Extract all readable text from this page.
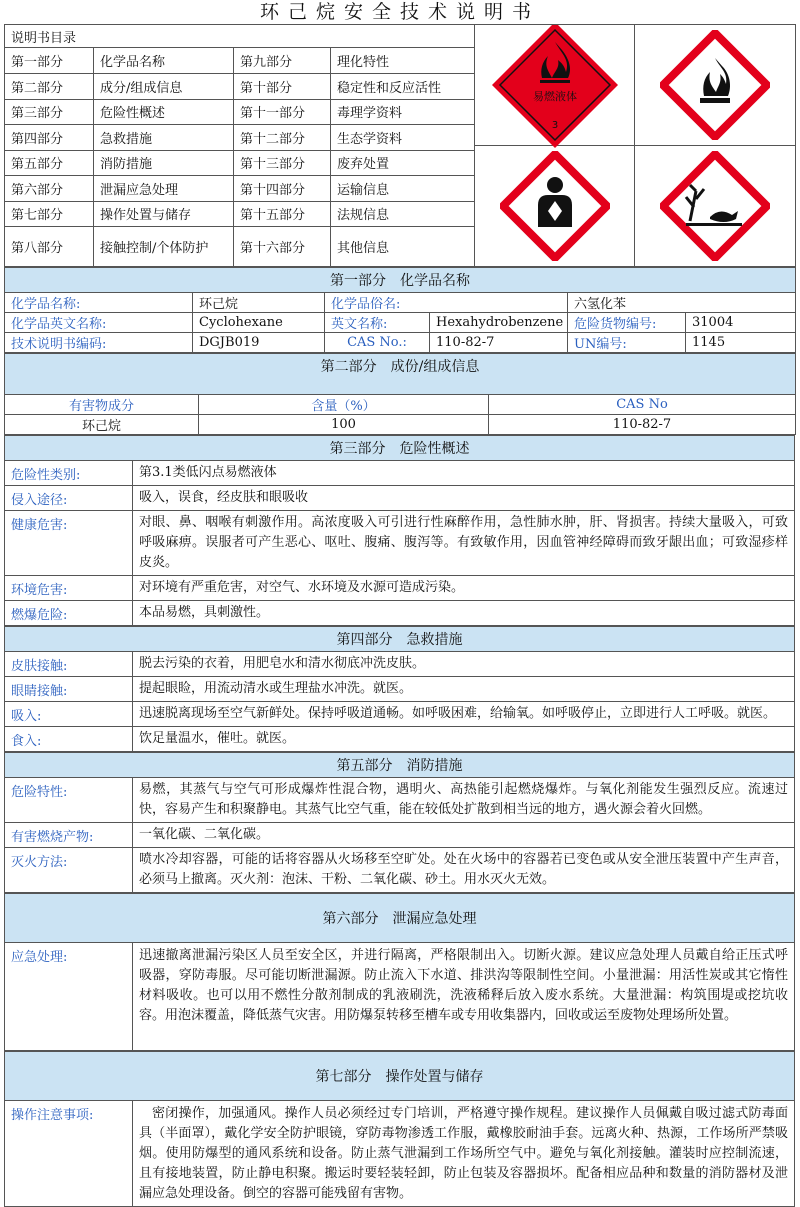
环己烷安全技术说明书
说明书目录				易燃液体
3

第一部分	化学品名称	第九部分	理化特性	
第二部分	成分/组成信息	第十部分	稳定性和反应活性	
第三部分	危险性概述	第十一部分	毒理学资料	
第四部分	急救措施	第十二部分	生态学资料	
第五部分	消防措施	第十三部分	废弃处置	
第六部分	泄漏应急处理	第十四部分	运输信息	
第七部分	操作处置与储存	第十五部分	法规信息	
第八部分	接触控制/个体防护	第十六部分	其他信息	
第一部分　化学品名称					
化学品名称:	环己烷	化学品俗名:		六氢化苯	
化学品英文名称:	Cyclohexane	英文名称:	Hexahydrobenzene	危险货物编号:	31004
技术说明书编码:	DGJB019	CAS No.:	110-82-7	UN编号:	1145
第二部分　成份/组成信息		
有害物成分	含量（%）	CAS No
环己烷	100	110-82-7
第三部分　危险性概述	
危险性类别:	第3.1类低闪点易燃液体
侵入途径:	吸入，误食，经皮肤和眼吸收
健康危害:	对眼、鼻、咽喉有刺激作用。高浓度吸入可引进行性麻醉作用，急性肺水肿，肝、肾损害。持续大量吸入，可致呼吸麻痹。误服者可产生恶心、呕吐、腹痛、腹泻等。有致敏作用，因血管神经障碍而致牙龈出血；可致湿疹样皮炎。
环境危害:	对环境有严重危害，对空气、水环境及水源可造成污染。
燃爆危险:	本品易燃，具刺激性。
第四部分　急救措施	
皮肤接触:	脱去污染的衣着，用肥皂水和清水彻底冲洗皮肤。
眼睛接触:	提起眼睑，用流动清水或生理盐水冲洗。就医。
吸入:	迅速脱离现场至空气新鲜处。保持呼吸道通畅。如呼吸困难，给输氧。如呼吸停止，立即进行人工呼吸。就医。
食入:	饮足量温水，催吐。就医。
第五部分　消防措施	
危险特性:	易燃，其蒸气与空气可形成爆炸性混合物，遇明火、高热能引起燃烧爆炸。与氧化剂能发生强烈反应。流速过快，容易产生和积聚静电。其蒸气比空气重，能在较低处扩散到相当远的地方，遇火源会着火回燃。
有害燃烧产物:	一氧化碳、二氧化碳。
灭火方法:	喷水冷却容器，可能的话将容器从火场移至空旷处。处在火场中的容器若已变色或从安全泄压装置中产生声音，必须马上撤离。灭火剂：泡沫、干粉、二氧化碳、砂土。用水灭火无效。
第六部分　泄漏应急处理
应急处理:	迅速撤离泄漏污染区人员至安全区，并进行隔离，严格限制出入。切断火源。建议应急处理人员戴自给正压式呼吸器，穿防毒服。尽可能切断泄漏源。防止流入下水道、排洪沟等限制性空间。小量泄漏：用活性炭或其它惰性材料吸收。也可以用不燃性分散剂制成的乳液刷洗，洗液稀释后放入废水系统。大量泄漏：构筑围堤或挖坑收容。用泡沫覆盖，降低蒸气灾害。用防爆泵转移至槽车或专用收集器内，回收或运至废物处理场所处置。
第七部分　操作处置与储存
操作注意事项:	密闭操作，加强通风。操作人员必须经过专门培训，严格遵守操作规程。建议操作人员佩戴自吸过滤式防毒面具（半面罩），戴化学安全防护眼镜，穿防毒物渗透工作服，戴橡胶耐油手套。远离火种、热源，工作场所严禁吸烟。使用防爆型的通风系统和设备。防止蒸气泄漏到工作场所空气中。避免与氧化剂接触。灌装时应控制流速，且有接地装置，防止静电积聚。搬运时要轻装轻卸，防止包装及容器损坏。配备相应品种和数量的消防器材及泄漏应急处理设备。倒空的容器可能残留有害物。
